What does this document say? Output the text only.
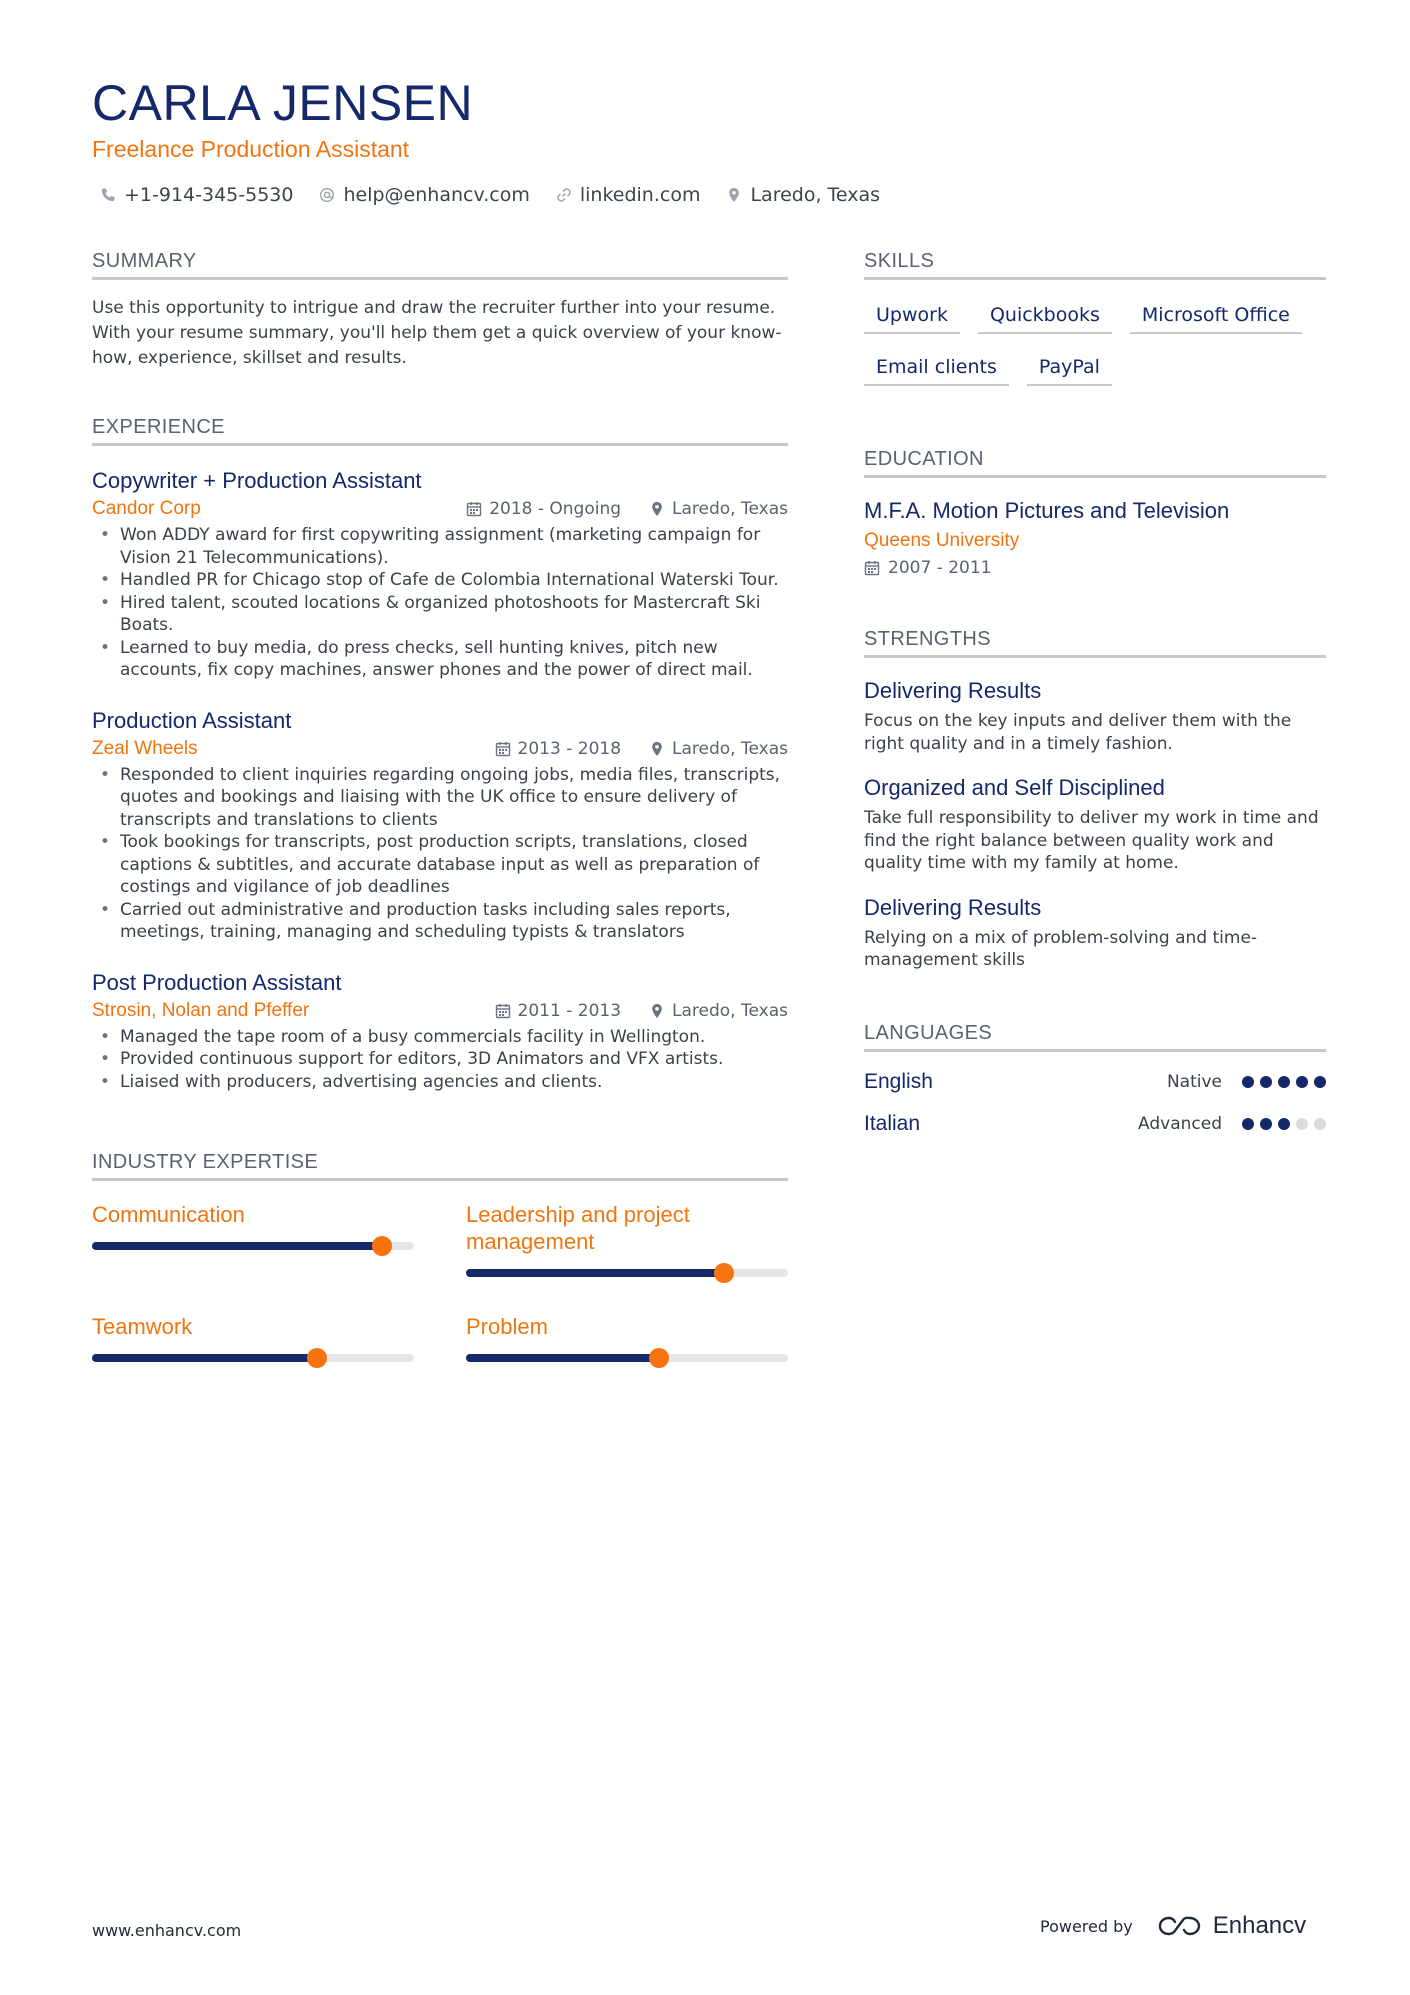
CARLA JENSEN
Freelance Production Assistant
+1-914-345-5530	help@enhancv.com	linkedin.com	Laredo, Texas
SUMMARY
Use this opportunity to intrigue and draw the recruiter further into your resume. With your resume summary, you'll help them get a quick overview of your know-how, experience, skillset and results.
EXPERIENCE
Copywriter + Production Assistant
Candor Corp	2018 - Ongoing	Laredo, Texas
• Won ADDY award for first copywriting assignment (marketing campaign for Vision 21 Telecommunications).
• Handled PR for Chicago stop of Cafe de Colombia International Waterski Tour.
• Hired talent, scouted locations & organized photoshoots for Mastercraft Ski Boats.
• Learned to buy media, do press checks, sell hunting knives, pitch new accounts, fix copy machines, answer phones and the power of direct mail.
Production Assistant
Zeal Wheels	2013 - 2018	Laredo, Texas
• Responded to client inquiries regarding ongoing jobs, media files, transcripts, quotes and bookings and liaising with the UK office to ensure delivery of transcripts and translations to clients
• Took bookings for transcripts, post production scripts, translations, closed captions & subtitles, and accurate database input as well as preparation of costings and vigilance of job deadlines
• Carried out administrative and production tasks including sales reports, meetings, training, managing and scheduling typists & translators
Post Production Assistant
Strosin, Nolan and Pfeffer	2011 - 2013	Laredo, Texas
• Managed the tape room of a busy commercials facility in Wellington.
• Provided continuous support for editors, 3D Animators and VFX artists.
• Liaised with producers, advertising agencies and clients.
INDUSTRY EXPERTISE
Communication	Leadership and project management
Teamwork	Problem
SKILLS
Upwork	Quickbooks	Microsoft Office
Email clients	PayPal
EDUCATION
M.F.A. Motion Pictures and Television
Queens University
2007 - 2011
STRENGTHS
Delivering Results
Focus on the key inputs and deliver them with the right quality and in a timely fashion.
Organized and Self Disciplined
Take full responsibility to deliver my work in time and find the right balance between quality work and quality time with my family at home.
Delivering Results
Relying on a mix of problem-solving and time-management skills
LANGUAGES
English	Native
Italian	Advanced
www.enhancv.com	Powered by	Enhancv
